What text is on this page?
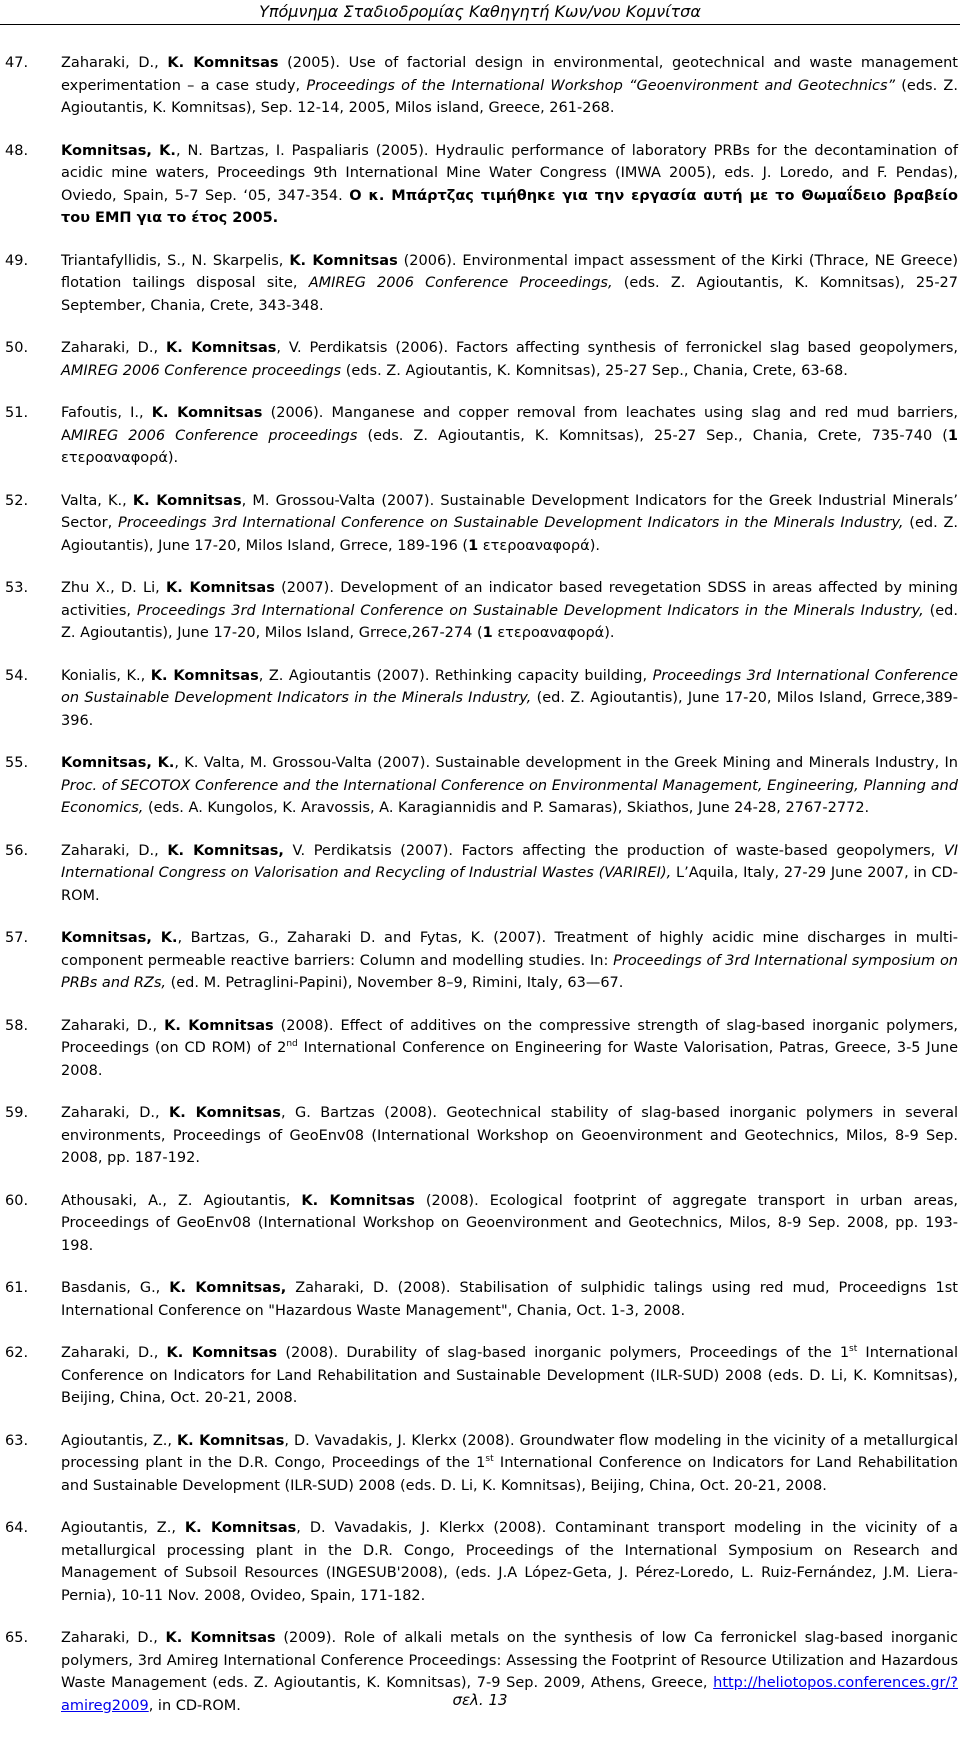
Υπόμνημα Σταδιοδρομίας Καθηγητή Κων/νου Κομνίτσα
47.	Zaharaki, D., K. Komnitsas (2005). Use of factorial design in environmental, geotechnical and waste management experimentation – a case study, Proceedings of the International Workshop “Geoenvironment and Geotechnics” (eds. Z. Agioutantis, K. Komnitsas), Sep. 12-14, 2005, Milos island, Greece, 261-268.
48.	Komnitsas, K., N. Bartzas, I. Paspaliaris (2005). Hydraulic performance of laboratory PRBs for the decontamination of acidic mine waters, Proceedings 9th International Mine Water Congress (IMWA 2005), eds. J. Loredo, and F. Pendas), Oviedo, Spain, 5-7 Sep. ‘05, 347-354. O κ. Μπάρτζας τιμήθηκε για την εργασία αυτή με το Θωμαΐδειο βραβείο του ΕΜΠ για το έτος 2005.
49.	Triantafyllidis, S., N. Skarpelis, K. Komnitsas (2006). Environmental impact assessment of the Kirki (Thrace, NE Greece) flotation tailings disposal site, AMIREG 2006 Conference Proceedings, (eds. Z. Agioutantis, K. Komnitsas), 25-27 September, Chania, Crete, 343-348.
50.	Zaharaki, D., K. Komnitsas, V. Perdikatsis (2006). Factors affecting synthesis of ferronickel slag based geopolymers, AMIREG 2006 Conference proceedings (eds. Z. Agioutantis, K. Komnitsas), 25-27 Sep., Chania, Crete, 63-68.
51.	Fafoutis, I., K. Komnitsas (2006). Manganese and copper removal from leachates using slag and red mud barriers, AMIREG 2006 Conference proceedings (eds. Z. Agioutantis, K. Komnitsas), 25-27 Sep., Chania, Crete, 735-740 (1 ετεροαναφορά).
52.	Valta, K., K. Komnitsas, M. Grossou-Valta (2007). Sustainable Development Indicators for the Greek Industrial Minerals’ Sector, Proceedings 3rd International Conference on Sustainable Development Indicators in the Minerals Industry, (ed. Z. Agioutantis), June 17-20, Milos Island, Grrece, 189-196 (1 ετεροαναφορά).
53.	Zhu X., D. Li, K. Komnitsas (2007). Development of an indicator based revegetation SDSS in areas affected by mining activities, Proceedings 3rd International Conference on Sustainable Development Indicators in the Minerals Industry, (ed. Z. Agioutantis), June 17-20, Milos Island, Grrece,267-274 (1 ετεροαναφορά).
54.	Konialis, K., K. Komnitsas, Z. Agioutantis (2007). Rethinking capacity building, Proceedings 3rd International Conference on Sustainable Development Indicators in the Minerals Industry, (ed. Z. Agioutantis), June 17-20, Milos Island, Grrece,389-396.
55.	Komnitsas, K., K. Valta, M. Grossou-Valta (2007). Sustainable development in the Greek Mining and Minerals Industry, In Proc. of SECOTOX Conference and the International Conference on Environmental Management, Engineering, Planning and Economics, (eds. A. Kungolos, K. Aravossis, A. Karagiannidis and P. Samaras), Skiathos, June 24-28, 2767-2772.
56.	Zaharaki, D., K. Komnitsas, V. Perdikatsis (2007). Factors affecting the production of waste-based geopolymers, VI International Congress on Valorisation and Recycling of Industrial Wastes (VARIREI), L’Aquila, Italy, 27-29 June 2007, in CD-ROM.
57.	Komnitsas, K., Bartzas, G., Zaharaki D. and Fytas, K. (2007). Treatment of highly acidic mine discharges in multi-component permeable reactive barriers: Column and modelling studies. In: Proceedings of 3rd International symposium on PRBs and RZs, (ed. M. Petraglini-Papini), November 8–9, Rimini, Italy, 63—67.
58.	Zaharaki, D., K. Komnitsas (2008). Effect of additives on the compressive strength of slag-based inorganic polymers, Proceedings (on CD ROM) of 2nd International Conference on Engineering for Waste Valorisation, Patras, Greece, 3-5 June 2008.
59.	Zaharaki, D., K. Komnitsas, G. Bartzas (2008). Geotechnical stability of slag-based inorganic polymers in several environments, Proceedings of GeoEnv08 (International Workshop on Geoenvironment and Geotechnics, Milos, 8-9 Sep. 2008, pp. 187-192.
60.	Athousaki, A., Z. Agioutantis, K. Komnitsas (2008). Ecological footprint of aggregate transport in urban areas, Proceedings of GeoEnv08 (International Workshop on Geoenvironment and Geotechnics, Milos, 8-9 Sep. 2008, pp. 193-198.
61.	Basdanis, G., K. Komnitsas, Zaharaki, D. (2008). Stabilisation of sulphidic talings using red mud, Proceedigns 1st International Conference on "Hazardous Waste Management", Chania, Oct. 1-3, 2008.
62.	Zaharaki, D., K. Komnitsas (2008). Durability of slag-based inorganic polymers, Proceedings of the 1st International Conference on Indicators for Land Rehabilitation and Sustainable Development (ILR-SUD) 2008 (eds. D. Li, K. Komnitsas), Beijing, China, Oct. 20-21, 2008.
63.	Agioutantis, Z., K. Komnitsas, D. Vavadakis, J. Klerkx (2008). Groundwater flow modeling in the vicinity of a metallurgical processing plant in the D.R. Congo, Proceedings of the 1st International Conference on Indicators for Land Rehabilitation and Sustainable Development (ILR-SUD) 2008 (eds. D. Li, K. Komnitsas), Beijing, China, Oct. 20-21, 2008.
64.	Agioutantis, Z., K. Komnitsas, D. Vavadakis, J. Klerkx (2008). Contaminant transport modeling in the vicinity of a metallurgical processing plant in the D.R. Congo, Proceedings of the International Symposium on Research and Management of Subsoil Resources (INGESUB'2008), (eds. J.A López-Geta, J. Pérez-Loredo, L. Ruiz-Fernández, J.M. Liera-Pernia), 10-11 Nov. 2008, Ovideo, Spain, 171-182.
65.	Zaharaki, D., K. Komnitsas (2009). Role of alkali metals on the synthesis of low Ca ferronickel slag-based inorganic polymers, 3rd Amireg International Conference Proceedings: Assessing the Footprint of Resource Utilization and Hazardous Waste Management (eds. Z. Agioutantis, K. Komnitsas), 7-9 Sep. 2009, Athens, Greece, http://heliotopos.conferences.gr/?amireg2009, in CD-ROM.	σελ. 13
